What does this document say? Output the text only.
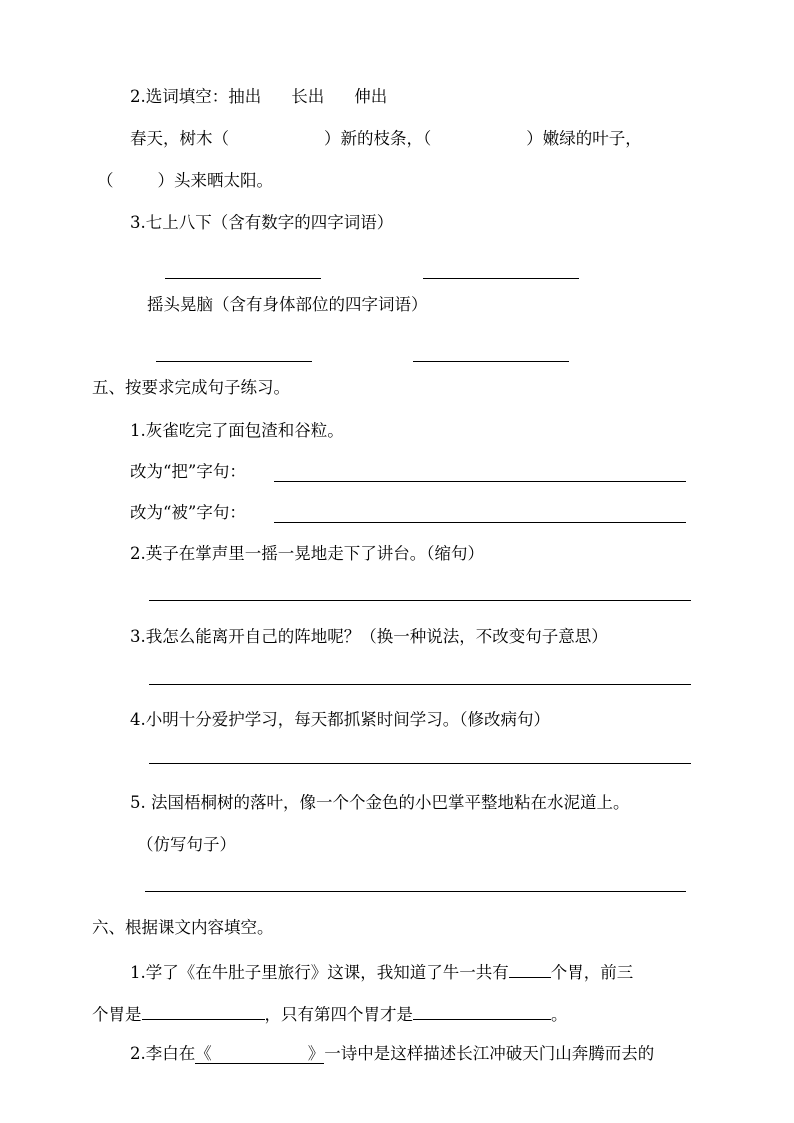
2.选词填空：抽出 长出 伸出
春天，树木（	）新的枝条，（	）嫩绿的叶子，
（	）头来晒太阳。
3.七上八下（含有数字的四字词语）
摇头晃脑（含有身体部位的四字词语）
五、按要求完成句子练习。
1.灰雀吃完了面包渣和谷粒。
改为“把”字句：
改为“被”字句：
2.英子在掌声里一摇一晃地走下了讲台。（缩句）
3.我怎么能离开自己的阵地呢？（换一种说法，不改变句子意思）
4.小明十分爱护学习，每天都抓紧时间学习。（修改病句）
5. 法国梧桐树的落叶，像一个个金色的小巴掌平整地粘在水泥道上。
（仿写句子）
六、根据课文内容填空。
1.学了《在牛肚子里旅行》这课，我知道了牛一共有	个胃，前三
个胃是	，只有第四个胃才是	。
2.李白在《	》一诗中是这样描述长江冲破天门山奔腾而去的
